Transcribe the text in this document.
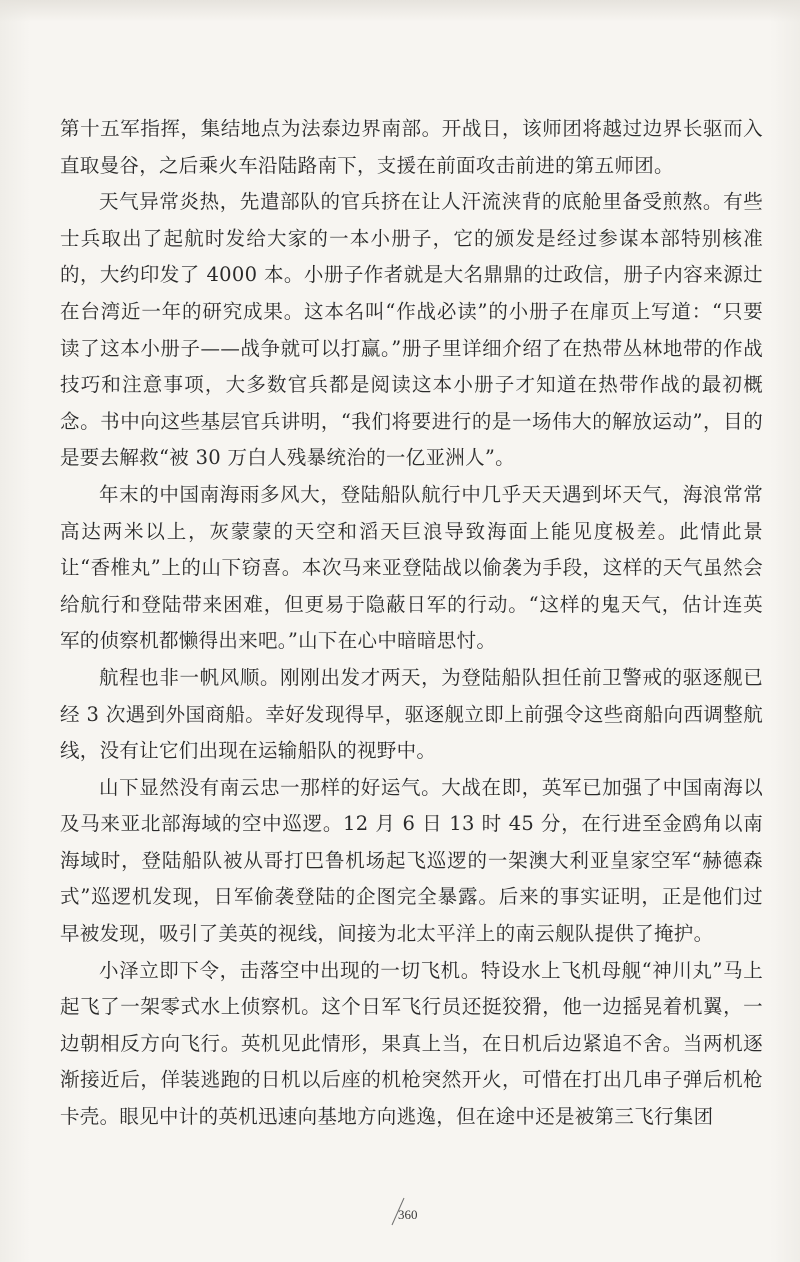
第十五军指挥，集结地点为法泰边界南部。开战日，该师团将越过边界长驱而入直取曼谷，之后乘火车沿陆路南下，支援在前面攻击前进的第五师团。

天气异常炎热，先遣部队的官兵挤在让人汗流浃背的底舱里备受煎熬。有些士兵取出了起航时发给大家的一本小册子，它的颁发是经过参谋本部特别核准的，大约印发了 4000 本。小册子作者就是大名鼎鼎的辻政信，册子内容来源辻在台湾近一年的研究成果。这本名叫“作战必读”的小册子在扉页上写道：“只要读了这本小册子——战争就可以打赢。”册子里详细介绍了在热带丛林地带的作战技巧和注意事项，大多数官兵都是阅读这本小册子才知道在热带作战的最初概念。书中向这些基层官兵讲明，“我们将要进行的是一场伟大的解放运动”，目的是要去解救“被 30 万白人残暴统治的一亿亚洲人”。

年末的中国南海雨多风大，登陆船队航行中几乎天天遇到坏天气，海浪常常高达两米以上，灰蒙蒙的天空和滔天巨浪导致海面上能见度极差。此情此景让“香椎丸”上的山下窃喜。本次马来亚登陆战以偷袭为手段，这样的天气虽然会给航行和登陆带来困难，但更易于隐蔽日军的行动。“这样的鬼天气，估计连英军的侦察机都懒得出来吧。”山下在心中暗暗思忖。

航程也非一帆风顺。刚刚出发才两天，为登陆船队担任前卫警戒的驱逐舰已经 3 次遇到外国商船。幸好发现得早，驱逐舰立即上前强令这些商船向西调整航线，没有让它们出现在运输船队的视野中。

山下显然没有南云忠一那样的好运气。大战在即，英军已加强了中国南海以及马来亚北部海域的空中巡逻。12 月 6 日 13 时 45 分，在行进至金鸥角以南海域时，登陆船队被从哥打巴鲁机场起飞巡逻的一架澳大利亚皇家空军“赫德森式”巡逻机发现，日军偷袭登陆的企图完全暴露。后来的事实证明，正是他们过早被发现，吸引了美英的视线，间接为北太平洋上的南云舰队提供了掩护。

小泽立即下令，击落空中出现的一切飞机。特设水上飞机母舰“神川丸”马上起飞了一架零式水上侦察机。这个日军飞行员还挺狡猾，他一边摇晃着机翼，一边朝相反方向飞行。英机见此情形，果真上当，在日机后边紧追不舍。当两机逐渐接近后，佯装逃跑的日机以后座的机枪突然开火，可惜在打出几串子弹后机枪卡壳。眼见中计的英机迅速向基地方向逃逸，但在途中还是被第三飞行集团

360
